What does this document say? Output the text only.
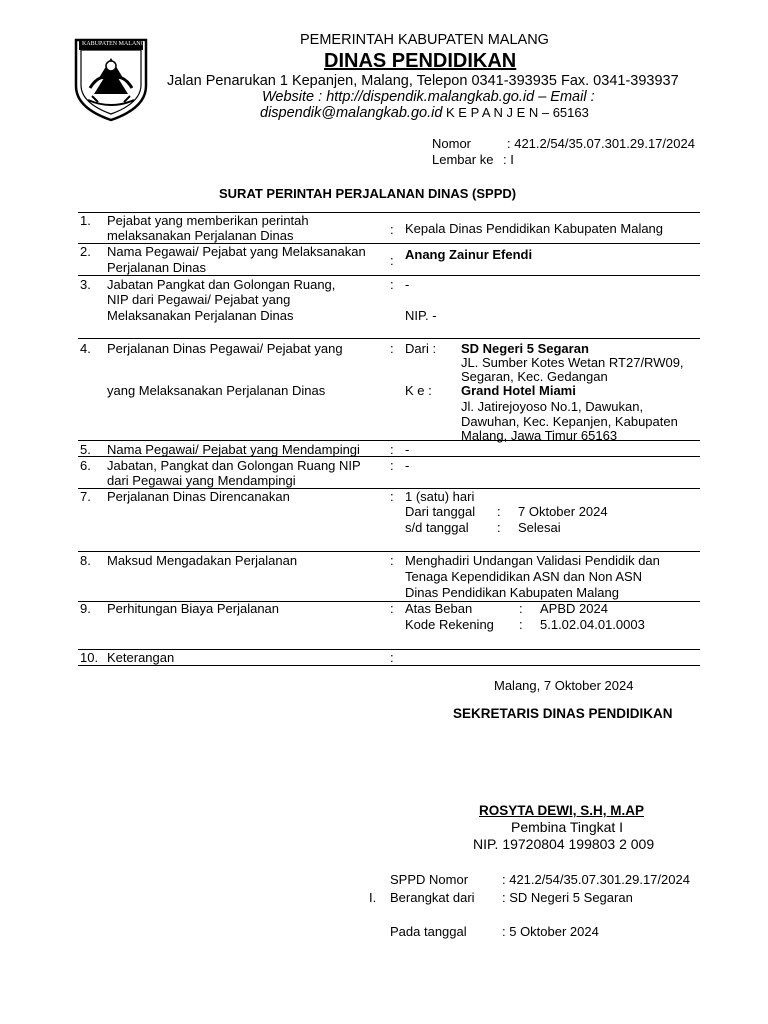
KABUPATEN MALANG	PEMERINTAH KABUPATEN MALANG
DINAS PENDIDIKAN
Jalan Penarukan 1 Kepanjen, Malang, Telepon 0341-393935 Fax. 0341-393937
Website : http://dispendik.malangkab.go.id – Email :
dispendik@malangkab.go.id K E P A N J E N – 65163
Nomor	: 421.2/54/35.07.301.29.17/2024
Lembar ke : I
SURAT PERINTAH PERJALANAN DINAS (SPPD)
1. Pejabat yang memberikan perintah
melaksanakan Perjalanan Dinas	: Kepala Dinas Pendidikan Kabupaten Malang
2. Nama Pegawai/ Pejabat yang Melaksanakan
Perjalanan Dinas	: Anang Zainur Efendi
3. Jabatan Pangkat dan Golongan Ruang,
NIP dari Pegawai/ Pejabat yang
Melaksanakan Perjalanan Dinas
: -
NIP. -
4. Perjalanan Dinas Pegawai/ Pejabat yang
yang Melaksanakan Perjalanan Dinas
: Dari : SD Negeri 5 Segaran
JL. Sumber Kotes Wetan RT27/RW09,
Segaran, Kec. Gedangan
K e : Grand Hotel Miami
Jl. Jatirejoyoso No.1, Dawukan,
Dawuhan, Kec. Kepanjen, Kabupaten
Malang, Jawa Timur 65163
5. Nama Pegawai/ Pejabat yang Mendampingi : -
6. Jabatan, Pangkat dan Golongan Ruang NIP
dari Pegawai yang Mendampingi
: -
7. Perjalanan Dinas Direncanakan	: 1 (satu) hari
Dari tanggal : 7 Oktober 2024
s/d tanggal : Selesai
8. Maksud Mengadakan Perjalanan	: Menghadiri Undangan Validasi Pendidik dan
Tenaga Kependidikan ASN dan Non ASN
Dinas Pendidikan Kabupaten Malang
9. Perhitungan Biaya Perjalanan	: Atas Beban	: APBD 2024
Kode Rekening : 5.1.02.04.01.0003
10. Keterangan	:
Malang, 7 Oktober 2024
SEKRETARIS DINAS PENDIDIKAN
ROSYTA DEWI, S.H, M.AP
Pembina Tingkat I
NIP. 19720804 199803 2 009
SPPD Nomor	: 421.2/54/35.07.301.29.17/2024
I. Berangkat dari : SD Negeri 5 Segaran
Pada tanggal	: 5 Oktober 2024
